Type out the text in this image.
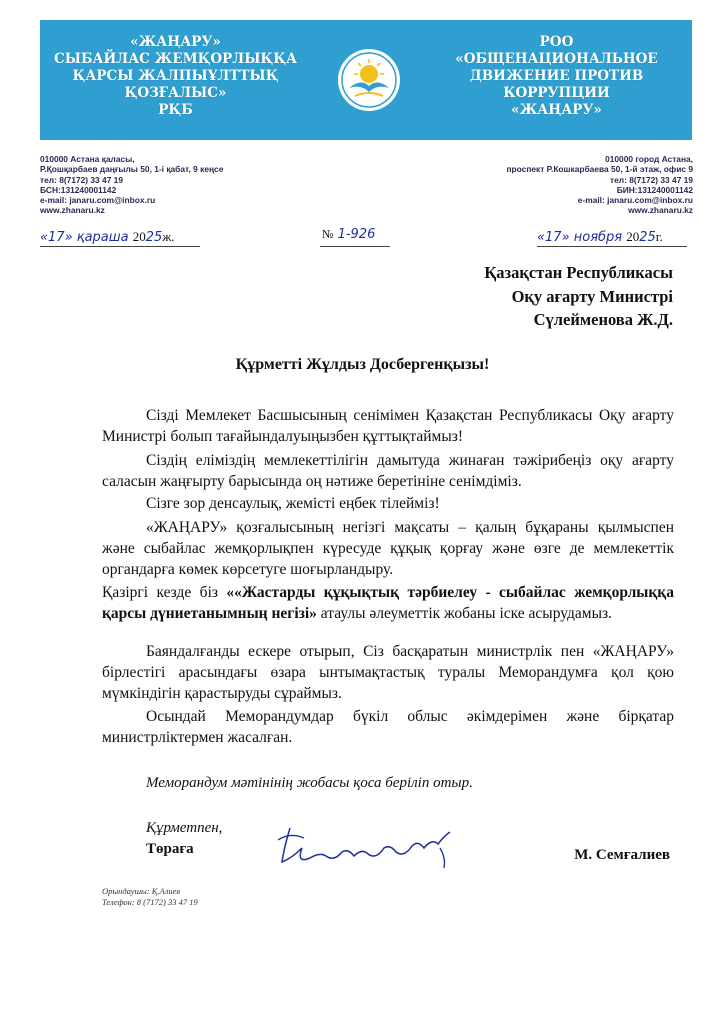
«ЖАҢАРУ»
СЫБАЙЛАС ЖЕМҚОРЛЫҚҚА
ҚАРСЫ ЖАЛПЫҰЛТТЫҚ
ҚОЗҒАЛЫС»
РҚБ
РОО
«ОБЩЕНАЦИОНАЛЬНОЕ
ДВИЖЕНИЕ ПРОТИВ
КОРРУПЦИИ
«ЖАҢАРУ»
010000 Астана қаласы,
Р.Қошқарбаев даңғылы 50, 1-і қабат, 9 кеңсе
тел: 8(7172) 33 47 19
БСН:131240001142
e-mail: janaru.com@inbox.ru
www.zhanaru.kz
010000 город Астана,
проспект Р.Кошкарбаева 50, 1-й этаж, офис 9
тел: 8(7172) 33 47 19
БИН:131240001142
e-mail: janaru.com@inbox.ru
www.zhanaru.kz
«17» қараша 2025ж.	№ 1-926	«17» ноября 2025г.
Қазақстан Республикасы
Оқу ағарту Министрі
Сүлейменова Ж.Д.
Құрметті Жұлдыз Досбергенқызы!
Сізді Мемлекет Басшысының сенімімен Қазақстан Республикасы Оқу ағарту Министрі болып тағайындалуыңызбен құттықтаймыз!
Сіздің еліміздің мемлекеттілігін дамытуда жинаған тәжірибеңіз оқу ағарту саласын жаңғырту барысында оң нәтиже беретініне сенімдіміз.
Сізге зор денсаулық, жемісті еңбек тілейміз!
«ЖАҢАРУ» қозғалысының негізгі мақсаты – қалың бұқараны қылмыспен және сыбайлас жемқорлықпен күресуде құқық қорғау және өзге де мемлекеттік органдарға көмек көрсетуге шоғырландыру.
Қазіргі кезде біз ««Жастарды құқықтық тәрбиелеу - сыбайлас жемқорлыққа қарсы дүниетанымның негізі» атаулы әлеуметтік жобаны іске асырудамыз.
Баяндалғанды ескере отырып, Сіз басқаратын министрлік пен «ЖАҢАРУ» бірлестігі арасындағы өзара ынтымақтастық туралы Меморандумға қол қою мүмкіндігін қарастыруды сұраймыз.
Осындай Меморандумдар бүкіл облыс әкімдерімен және бірқатар министрліктермен жасалған.
Меморандум мәтінінің жобасы қоса беріліп отыр.
Құрметпен,
Төраға	М. Семғалиев
Орындаушы: Қ.Алиев
Телефон: 8 (7172) 33 47 19
